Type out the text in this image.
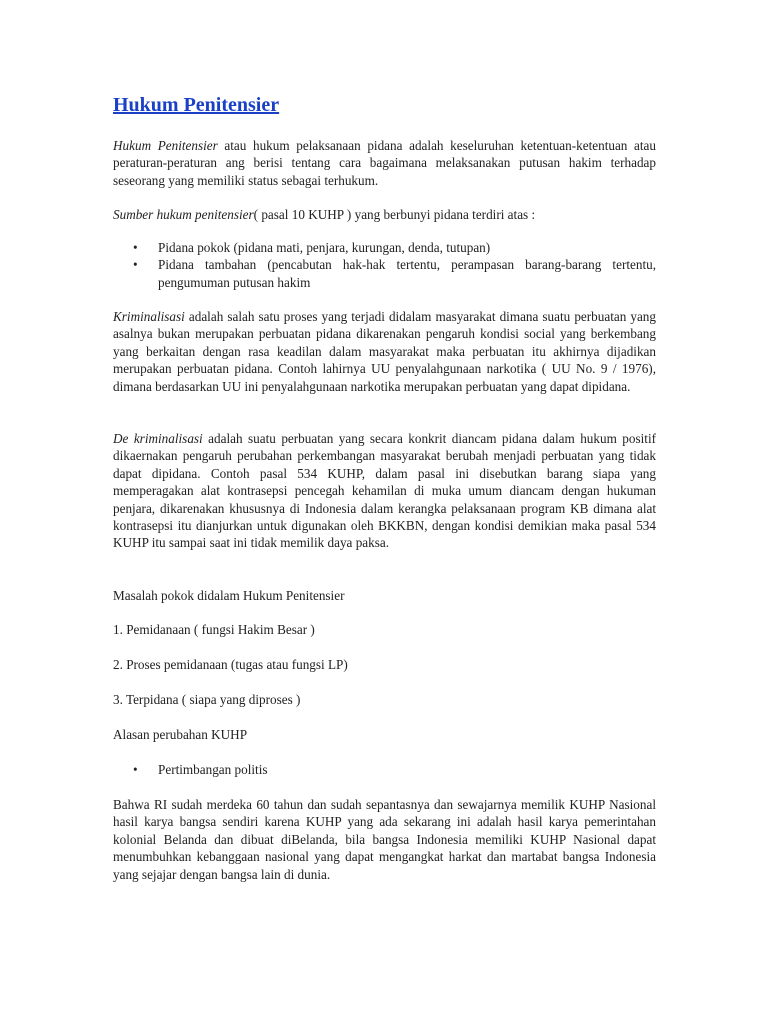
Hukum Penitensier

Hukum Penitensier atau hukum pelaksanaan pidana adalah keseluruhan ketentuan-ketentuan atau peraturan-peraturan ang berisi tentang cara bagaimana melaksanakan putusan hakim terhadap seseorang yang memiliki status sebagai terhukum.

Sumber hukum penitensier( pasal 10 KUHP ) yang berbunyi pidana terdiri atas :

• Pidana pokok (pidana mati, penjara, kurungan, denda, tutupan)
• Pidana tambahan (pencabutan hak-hak tertentu, perampasan barang-barang tertentu, pengumuman putusan hakim

Kriminalisasi adalah salah satu proses yang terjadi didalam masyarakat dimana suatu perbuatan yang asalnya bukan merupakan perbuatan pidana dikarenakan pengaruh kondisi social yang berkembang yang berkaitan dengan rasa keadilan dalam masyarakat maka perbuatan itu akhirnya dijadikan merupakan perbuatan pidana. Contoh lahirnya UU penyalahgunaan narkotika ( UU No. 9 / 1976), dimana berdasarkan UU ini penyalahgunaan narkotika merupakan perbuatan yang dapat dipidana.

De kriminalisasi adalah suatu perbuatan yang secara konkrit diancam pidana dalam hukum positif dikaernakan pengaruh perubahan perkembangan masyarakat berubah menjadi perbuatan yang tidak dapat dipidana. Contoh pasal 534 KUHP, dalam pasal ini disebutkan barang siapa yang memperagakan alat kontrasepsi pencegah kehamilan di muka umum diancam dengan hukuman penjara, dikarenakan khususnya di Indonesia dalam kerangka pelaksanaan program KB dimana alat kontrasepsi itu dianjurkan untuk digunakan oleh BKKBN, dengan kondisi demikian maka pasal 534 KUHP itu sampai saat ini tidak memilik daya paksa.

Masalah pokok didalam Hukum Penitensier

1. Pemidanaan ( fungsi Hakim Besar )

2. Proses pemidanaan (tugas atau fungsi LP)

3. Terpidana ( siapa yang diproses )

Alasan perubahan KUHP

• Pertimbangan politis

Bahwa RI sudah merdeka 60 tahun dan sudah sepantasnya dan sewajarnya memilik KUHP Nasional hasil karya bangsa sendiri karena KUHP yang ada sekarang ini adalah hasil karya pemerintahan kolonial Belanda dan dibuat diBelanda, bila bangsa Indonesia memiliki KUHP Nasional dapat menumbuhkan kebanggaan nasional yang dapat mengangkat harkat dan martabat bangsa Indonesia yang sejajar dengan bangsa lain di dunia.
